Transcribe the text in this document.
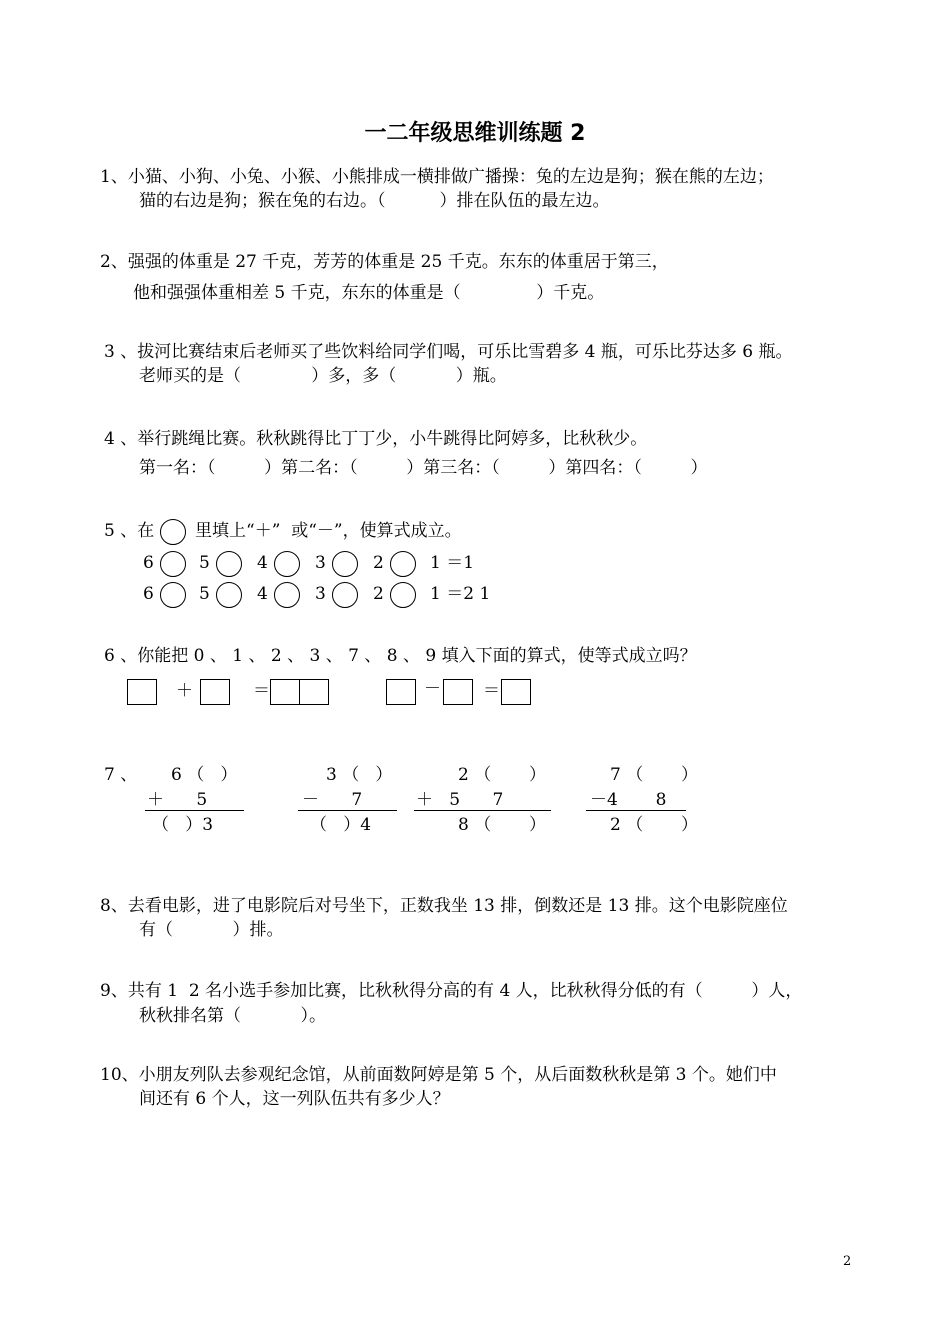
一二年级思维训练题 2
1、小猫、小狗、小兔、小猴、小熊排成一横排做广播操：兔的左边是狗；猴在熊的左边；
猫的右边是狗；猴在兔的右边。（          ）排在队伍的最左边。
2、强强的体重是 27 千克，芳芳的体重是 25 千克。东东的体重居于第三，
他和强强体重相差 5 千克，东东的体重是（              ）千克。
3 、拔河比赛结束后老师买了些饮料给同学们喝，可乐比雪碧多 4 瓶，可乐比芬达多 6 瓶。
老师买的是（             ）多，多（           ）瓶。
4 、举行跳绳比赛。秋秋跳得比丁丁少，小牛跳得比阿婷多，比秋秋少。
第一名：（         ）第二名：（         ）第三名：（         ）第四名：（         ）
5 、在 里填上“＋”  或“－”，使算式成立。
6	5	4	3	2	1 ＝1
6	5	4	3	2	1 ＝2 1
6 、你能把 0 、 1 、 2 、 3 、 7 、 8 、 9 填入下面的算式，使等式成立吗？
＋	＝	－ ＝
7 、 6 （   ）
＋      5
（   ）3
3 （   ）
－      7
（   ）4
2 （       ）
＋   5      7
8 （       ）
7 （       ）
－4       8
2 （       ）
8、去看电影，进了电影院后对号坐下，正数我坐 13 排，倒数还是 13 排。这个电影院座位
有（           ）排。
9、共有 1  2 名小选手参加比赛，比秋秋得分高的有 4 人，比秋秋得分低的有（         ）人，
秋秋排名第（           ）。
10、小朋友列队去参观纪念馆，从前面数阿婷是第 5 个，从后面数秋秋是第 3 个。她们中
间还有 6 个人，这一列队伍共有多少人？
2
